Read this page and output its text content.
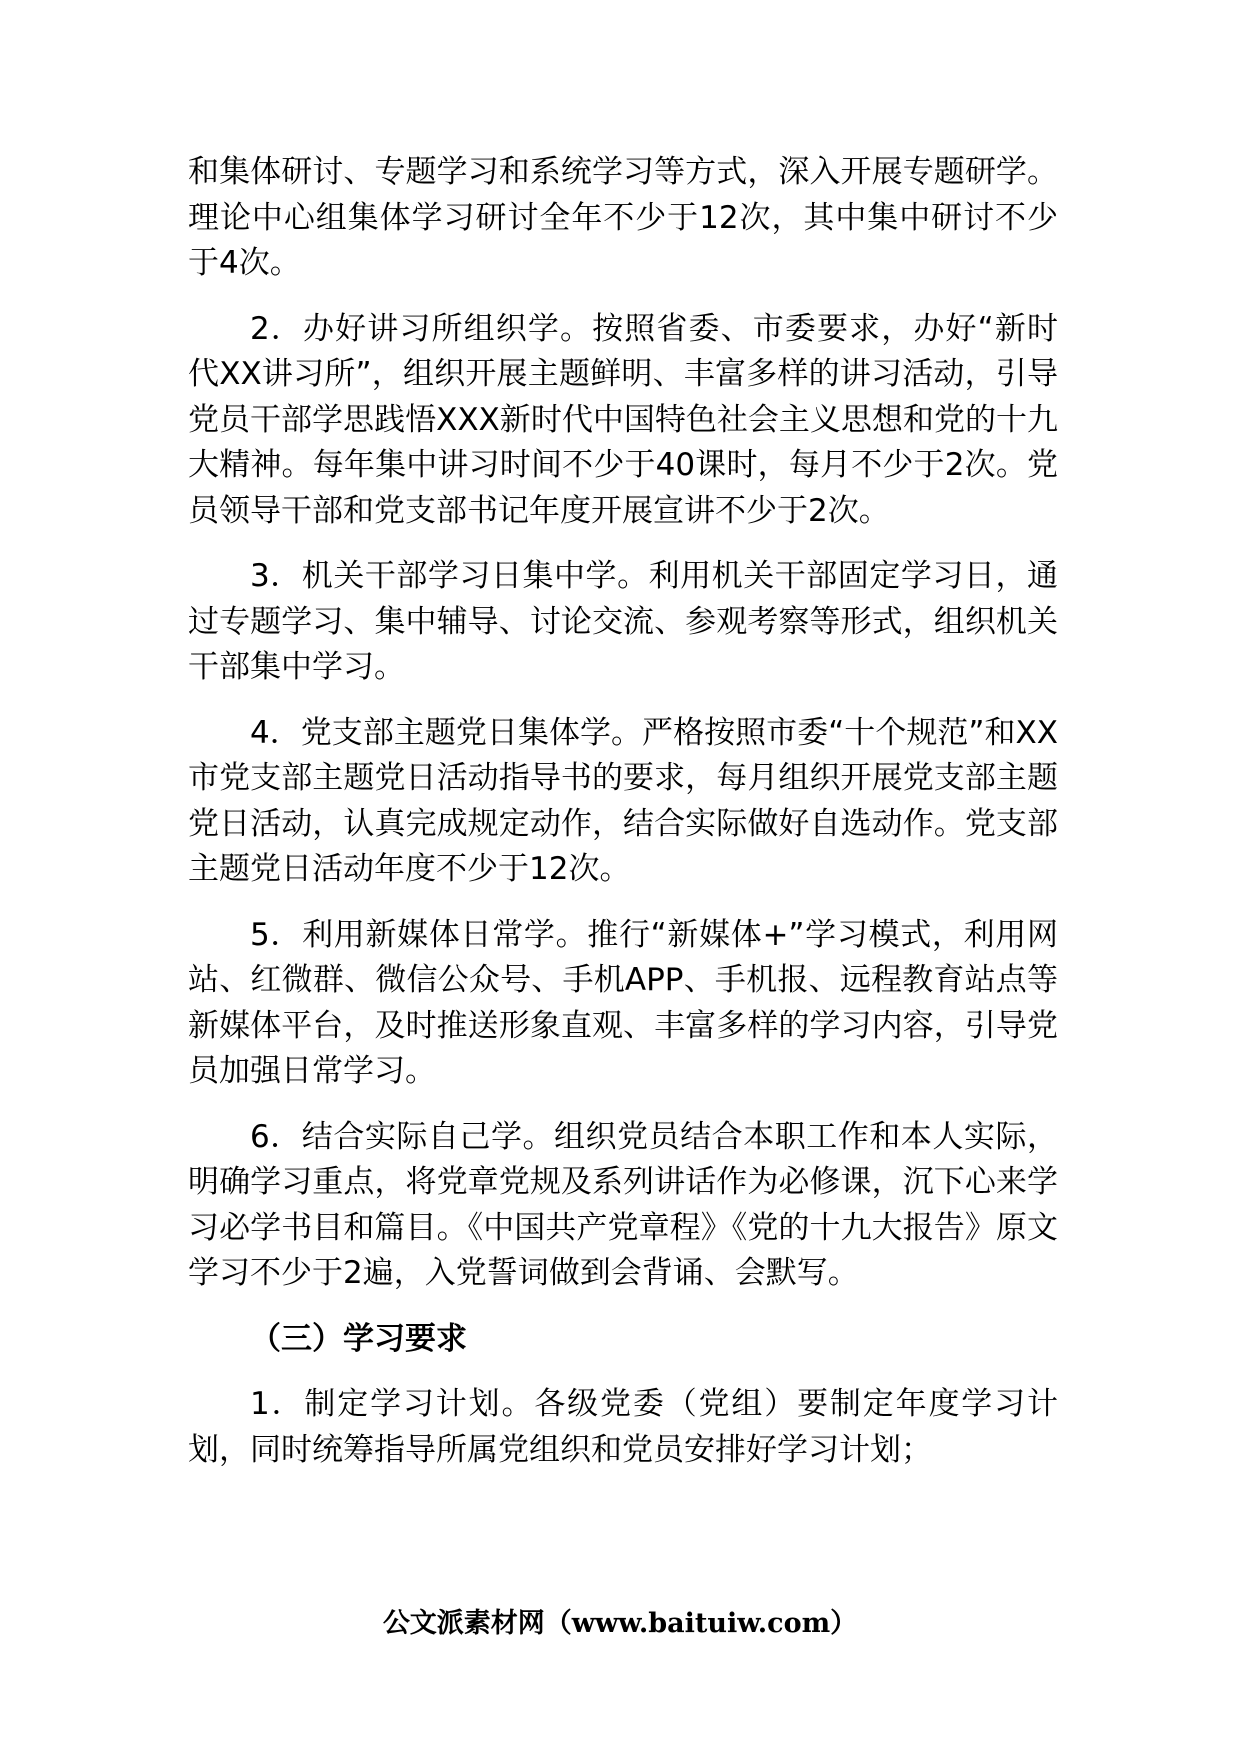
和集体研讨、专题学习和系统学习等方式，深入开展专题研学。理论中心组集体学习研讨全年不少于12次，其中集中研讨不少于4次。

2．办好讲习所组织学。按照省委、市委要求，办好“新时代XX讲习所”，组织开展主题鲜明、丰富多样的讲习活动，引导党员干部学思践悟XXX新时代中国特色社会主义思想和党的十九大精神。每年集中讲习时间不少于40课时，每月不少于2次。党员领导干部和党支部书记年度开展宣讲不少于2次。

3．机关干部学习日集中学。利用机关干部固定学习日，通过专题学习、集中辅导、讨论交流、参观考察等形式，组织机关干部集中学习。

4．党支部主题党日集体学。严格按照市委“十个规范”和XX市党支部主题党日活动指导书的要求，每月组织开展党支部主题党日活动，认真完成规定动作，结合实际做好自选动作。党支部主题党日活动年度不少于12次。

5．利用新媒体日常学。推行“新媒体+”学习模式，利用网站、红微群、微信公众号、手机APP、手机报、远程教育站点等新媒体平台，及时推送形象直观、丰富多样的学习内容，引导党员加强日常学习。

6．结合实际自己学。组织党员结合本职工作和本人实际，明确学习重点，将党章党规及系列讲话作为必修课，沉下心来学习必学书目和篇目。《中国共产党章程》《党的十九大报告》原文学习不少于2遍，入党誓词做到会背诵、会默写。

（三）学习要求

1．制定学习计划。各级党委（党组）要制定年度学习计划，同时统筹指导所属党组织和党员安排好学习计划；

公文派素材网（www.baituiw.com）
